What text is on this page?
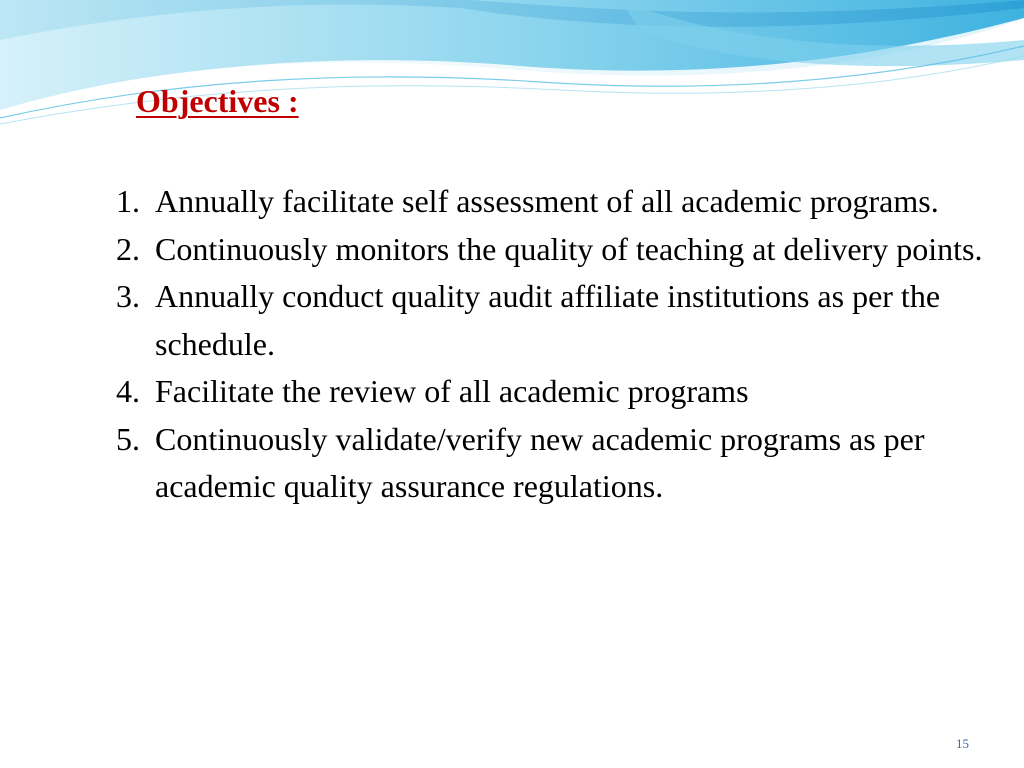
Objectives :
1. Annually facilitate self assessment of all academic programs.
2. Continuously monitors the quality of teaching at delivery points.
3. Annually conduct quality audit affiliate institutions as per the schedule.
4. Facilitate the review of all academic programs
5. Continuously validate/verify new academic programs as per academic quality assurance regulations.
15
